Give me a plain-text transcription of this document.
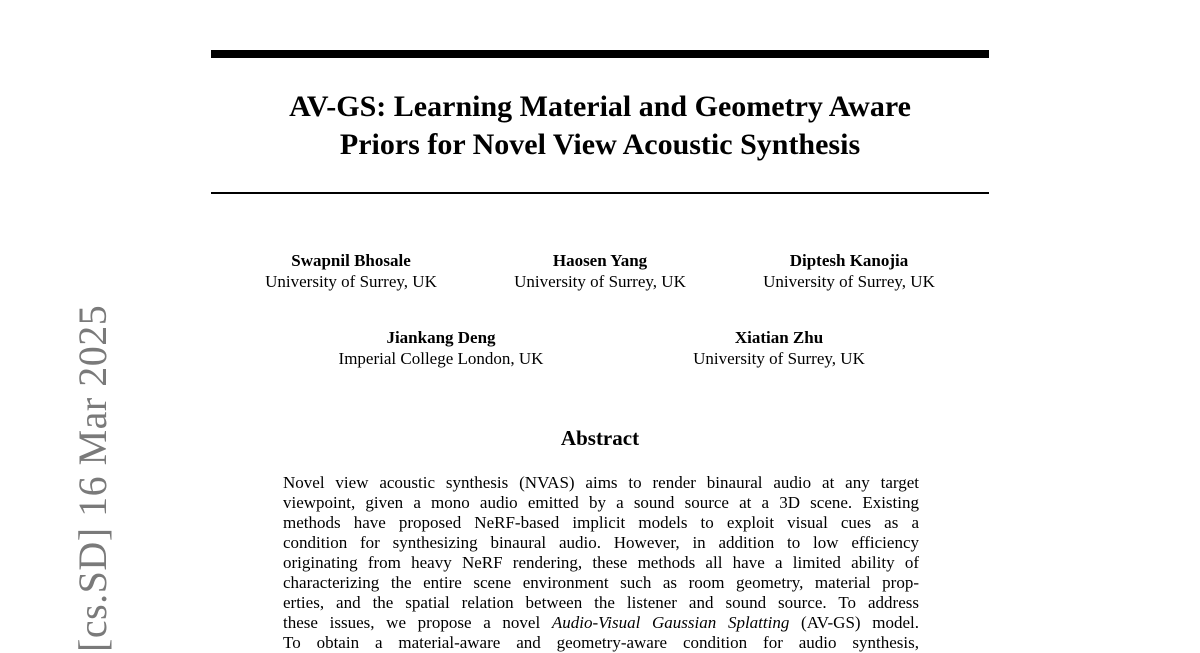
[cs.SD] 16 Mar 2025
AV-GS: Learning Material and Geometry Aware
Priors for Novel View Acoustic Synthesis
Swapnil Bhosale
University of Surrey, UK
Haosen Yang
University of Surrey, UK
Diptesh Kanojia
University of Surrey, UK
Jiankang Deng
Imperial College London, UK
Xiatian Zhu
University of Surrey, UK
Abstract
Novel view acoustic synthesis (NVAS) aims to render binaural audio at any target
viewpoint, given a mono audio emitted by a sound source at a 3D scene. Existing
methods have proposed NeRF-based implicit models to exploit visual cues as a
condition for synthesizing binaural audio. However, in addition to low efficiency
originating from heavy NeRF rendering, these methods all have a limited ability of
characterizing the entire scene environment such as room geometry, material prop-
erties, and the spatial relation between the listener and sound source. To address
these issues, we propose a novel Audio-Visual Gaussian Splatting (AV-GS) model.
To obtain a material-aware and geometry-aware condition for audio synthesis,
